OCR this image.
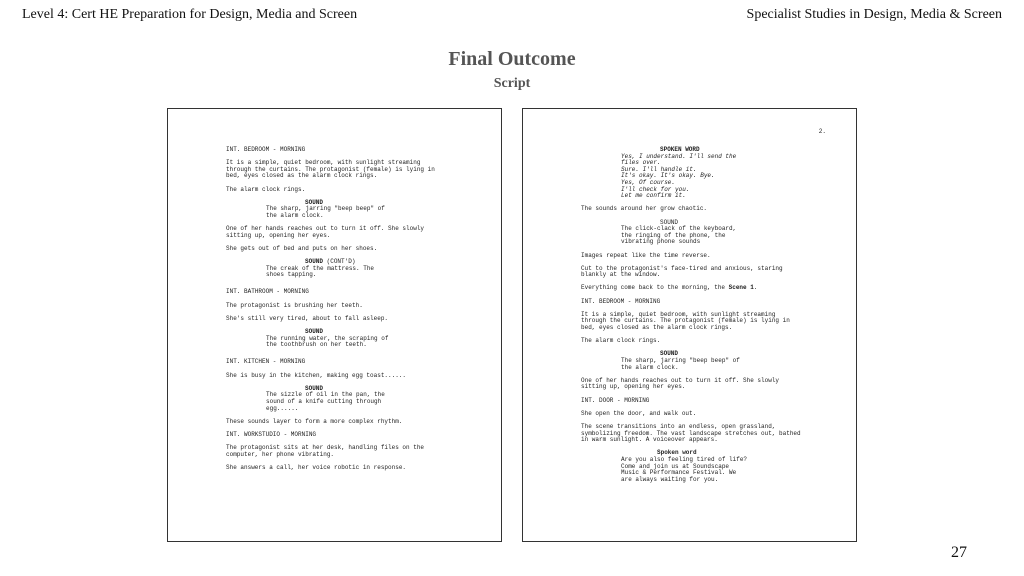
Level 4: Cert HE Preparation for Design, Media and Screen	Specialist Studies in Design, Media & Screen
Final Outcome
Script
INT. BEDROOM - MORNING
It is a simple, quiet bedroom, with sunlight streaming
through the curtains. The protagonist (female) is lying in
bed, eyes closed as the alarm clock rings.
The alarm clock rings.
SOUND
The sharp, jarring "beep beep" of
the alarm clock.
One of her hands reaches out to turn it off. She slowly
sitting up, opening her eyes.
She gets out of bed and puts on her shoes.
SOUND (CONT'D)
The creak of the mattress. The
shoes tapping.
INT. BATHROOM - MORNING
The protagonist is brushing her teeth.
She's still very tired, about to fall asleep.
SOUND
The running water, the scraping of
the toothbrush on her teeth.
INT. KITCHEN - MORNING
She is busy in the kitchen, making egg toast......
SOUND
The sizzle of oil in the pan, the
sound of a knife cutting through
egg......
These sounds layer to form a more complex rhythm.
INT. WORKSTUDIO - MORNING
The protagonist sits at her desk, handling files on the
computer, her phone vibrating.
She answers a call, her voice robotic in response.
2.
SPOKEN WORD
Yes, I understand. I'll send the
files over.
Sure. I'll handle it.
It's okay. It's okay. Bye.
Yes, Of course.
I'll check for you.
Let me confirm it.
The sounds around her grow chaotic.
SOUND
The click-clack of the keyboard,
the ringing of the phone, the
vibrating phone sounds
Images repeat like the time reverse.
Cut to the protagonist's face-tired and anxious, staring
blankly at the window.
Everything come back to the morning, the Scene 1.
INT. BEDROOM - MORNING
It is a simple, quiet bedroom, with sunlight streaming
through the curtains. The protagonist (female) is lying in
bed, eyes closed as the alarm clock rings.
The alarm clock rings.
SOUND
The sharp, jarring "beep beep" of
the alarm clock.
One of her hands reaches out to turn it off. She slowly
sitting up, opening her eyes.
INT. DOOR - MORNING
She open the door, and walk out.
The scene transitions into an endless, open grassland,
symbolizing freedom. The vast landscape stretches out, bathed
in warm sunlight. A voiceover appears.
Spoken word
Are you also feeling tired of life?
Come and join us at Soundscape
Music & Performance Festival. We
are always waiting for you.
27
